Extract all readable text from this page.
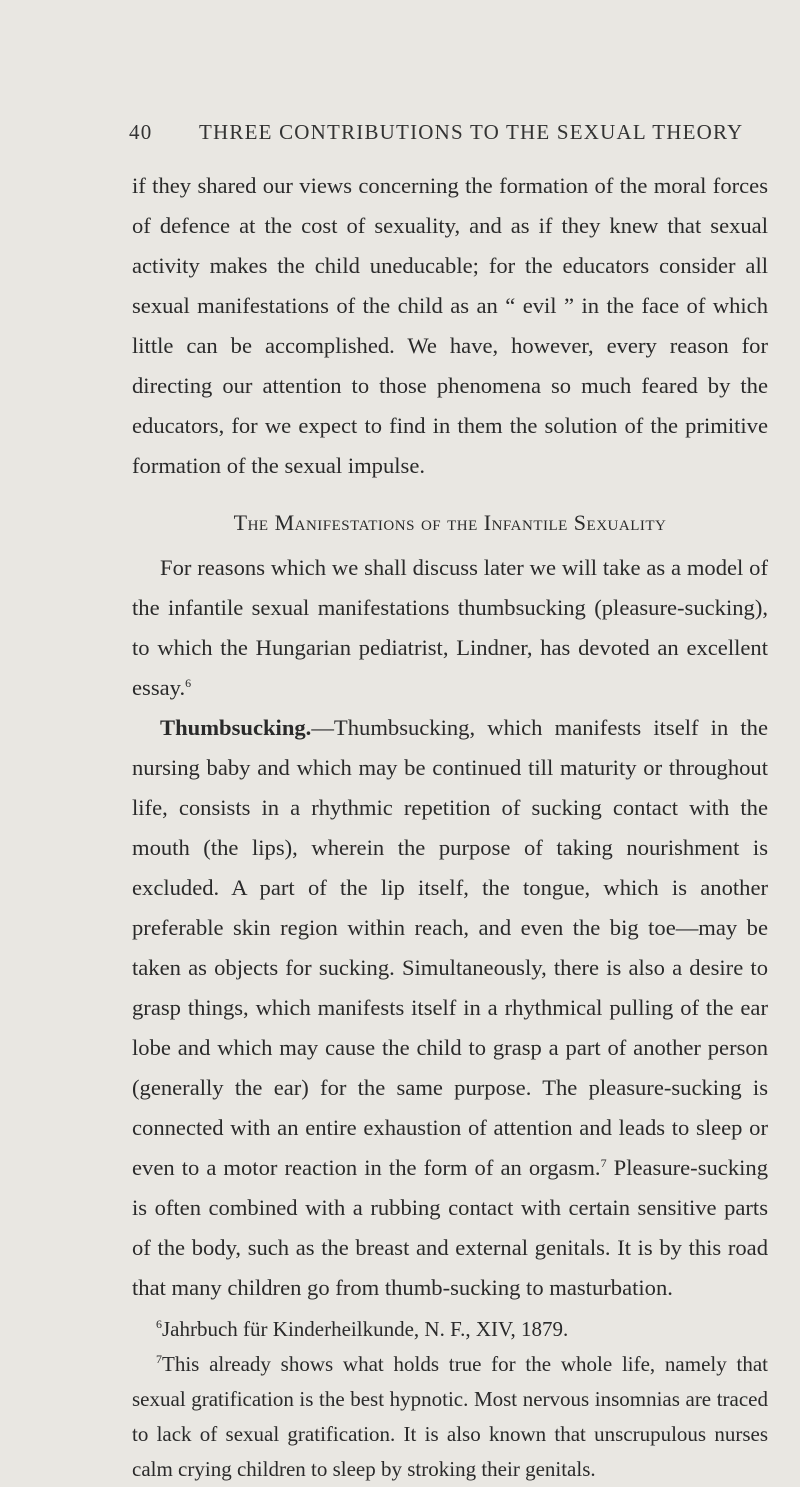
40 THREE CONTRIBUTIONS TO THE SEXUAL THEORY

if they shared our views concerning the formation of the moral forces of defence at the cost of sexuality, and as if they knew that sexual activity makes the child uneducable; for the educators consider all sexual manifestations of the child as an “ evil ” in the face of which little can be accomplished. We have, however, every reason for directing our attention to those phenomena so much feared by the educators, for we expect to find in them the solution of the primitive formation of the sexual impulse.

The Manifestations of the Infantile Sexuality

For reasons which we shall discuss later we will take as a model of the infantile sexual manifestations thumbsucking (pleasure-sucking), to which the Hungarian pediatrist, Lindner, has devoted an excellent essay.$^6$

Thumbsucking.—Thumbsucking, which manifests itself in the nursing baby and which may be continued till maturity or throughout life, consists in a rhythmic repetition of sucking contact with the mouth (the lips), wherein the purpose of taking nourishment is excluded. A part of the lip itself, the tongue, which is another preferable skin region within reach, and even the big toe—may be taken as objects for sucking. Simultaneously, there is also a desire to grasp things, which manifests itself in a rhythmical pulling of the ear lobe and which may cause the child to grasp a part of another person (generally the ear) for the same purpose. The pleasure-sucking is connected with an entire exhaustion of attention and leads to sleep or even to a motor reaction in the form of an orgasm.$^7$ Pleasure-sucking is often combined with a rubbing contact with certain sensitive parts of the body, such as the breast and external genitals. It is by this road that many children go from thumb-sucking to masturbation.

$^6$Jahrbuch für Kinderheilkunde, N. F., XIV, 1879.

$^7$This already shows what holds true for the whole life, namely that sexual gratification is the best hypnotic. Most nervous insomnias are traced to lack of sexual gratification. It is also known that unscrupulous nurses calm crying children to sleep by stroking their genitals.
